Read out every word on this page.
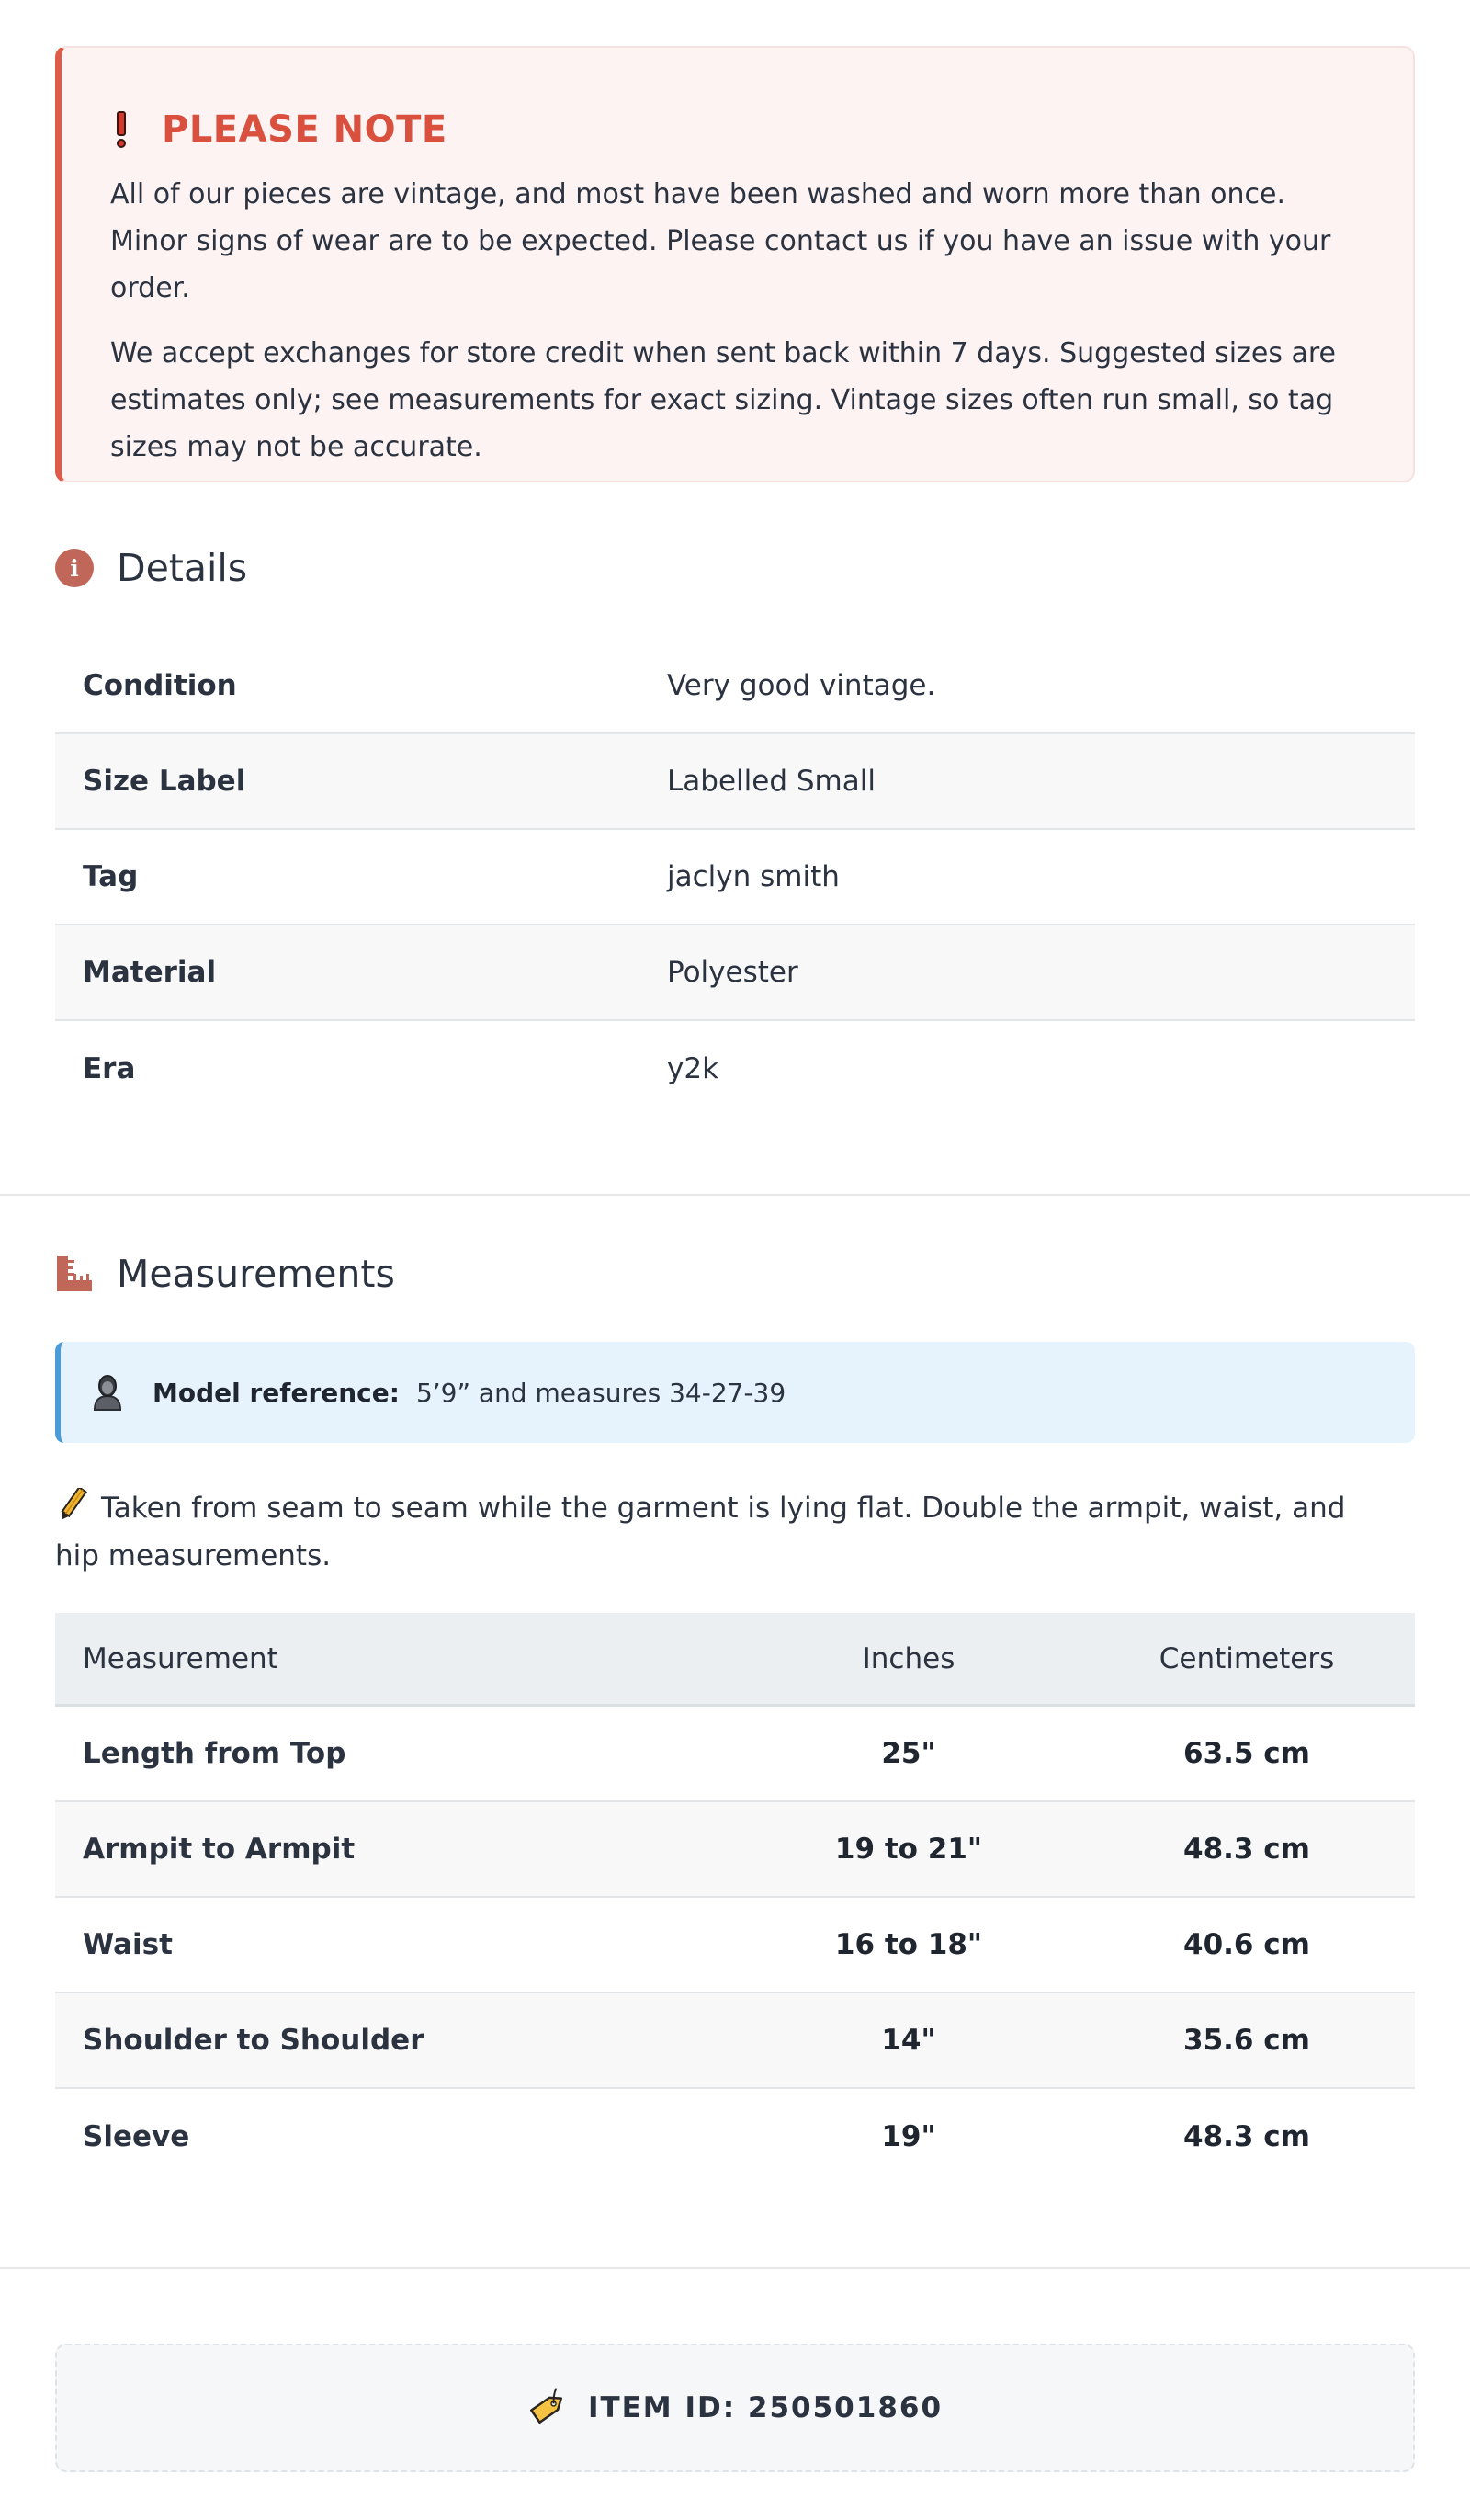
PLEASE NOTE

All of our pieces are vintage, and most have been washed and worn more than once. Minor signs of wear are to be expected. Please contact us if you have an issue with your order.

We accept exchanges for store credit when sent back within 7 days. Suggested sizes are estimates only; see measurements for exact sizing. Vintage sizes often run small, so tag sizes may not be accurate.

i	Details
Condition	Very good vintage.
Size Label	Labelled Small
Tag	jaclyn smith
Material	Polyester
Era	y2k
Measurements
Model reference: 5’9” and measures 34-27-39
Taken from seam to seam while the garment is lying flat. Double the armpit, waist, and hip measurements.
Measurement	Inches	Centimeters
Length from Top	25"	63.5 cm
Armpit to Armpit	19 to 21"	48.3 cm
Waist	16 to 18"	40.6 cm
Shoulder to Shoulder	14"	35.6 cm
Sleeve	19"	48.3 cm
ITEM ID: 250501860
